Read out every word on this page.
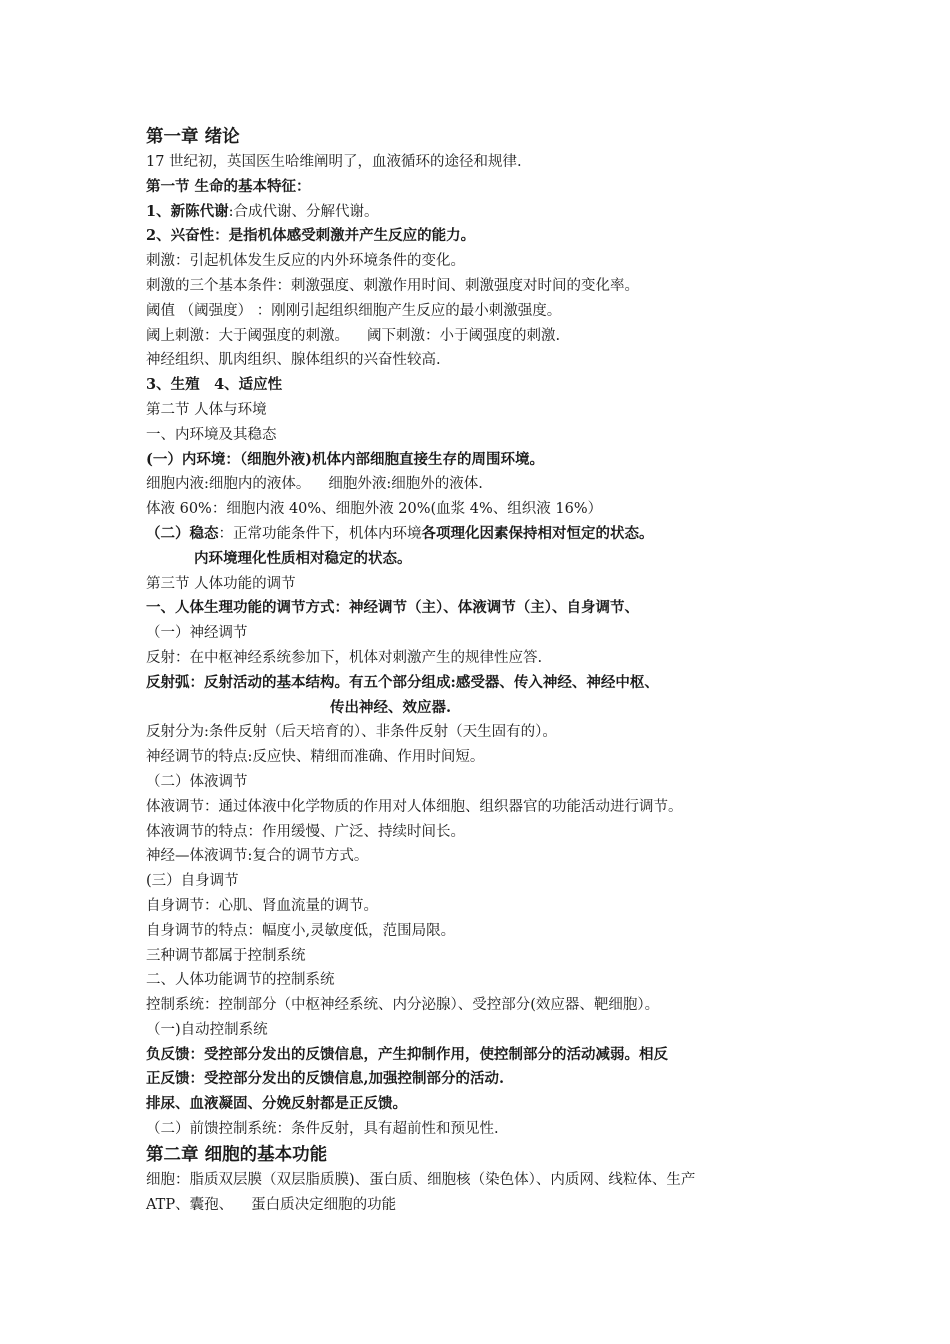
第一章 绪论
17 世纪初，英国医生哈维阐明了，血液循环的途径和规律.
第一节 生命的基本特征：
1、新陈代谢:合成代谢、分解代谢。
2、兴奋性：是指机体感受刺激并产生反应的能力。
刺激：引起机体发生反应的内外环境条件的变化。
刺激的三个基本条件：刺激强度、刺激作用时间、刺激强度对时间的变化率。
阈值 （阈强度） ：刚刚引起组织细胞产生反应的最小刺激强度。
阈上刺激：大于阈强度的刺激。 阈下刺激：小于阈强度的刺激.
神经组织、肌肉组织、腺体组织的兴奋性较高.
3、生殖　4、适应性
第二节 人体与环境
一、内环境及其稳态
(一）内环境：（细胞外液)机体内部细胞直接生存的周围环境。
细胞内液:细胞内的液体。 细胞外液:细胞外的液体.
体液 60%：细胞内液 40%、细胞外液 20%(血浆 4%、组织液 16%）
（二）稳态：正常功能条件下，机体内环境各项理化因素保持相对恒定的状态。
内环境理化性质相对稳定的状态。
第三节 人体功能的调节
一、人体生理功能的调节方式：神经调节（主）、体液调节（主）、自身调节、
（一）神经调节
反射：在中枢神经系统参加下，机体对刺激产生的规律性应答.
反射弧：反射活动的基本结构。有五个部分组成:感受器、传入神经、神经中枢、
传出神经、效应器.
反射分为:条件反射（后天培育的）、非条件反射（天生固有的）。
神经调节的特点:反应快、精细而准确、作用时间短。
（二）体液调节
体液调节：通过体液中化学物质的作用对人体细胞、组织器官的功能活动进行调节。
体液调节的特点：作用缓慢、广泛、持续时间长。
神经—体液调节:复合的调节方式。
(三）自身调节
自身调节：心肌、肾血流量的调节。
自身调节的特点：幅度小,灵敏度低，范围局限。
三种调节都属于控制系统
二、人体功能调节的控制系统
控制系统：控制部分（中枢神经系统、内分泌腺）、受控部分(效应器、靶细胞）。
（一)自动控制系统
负反馈：受控部分发出的反馈信息，产生抑制作用，使控制部分的活动减弱。相反
正反馈：受控部分发出的反馈信息,加强控制部分的活动.
排尿、血液凝固、分娩反射都是正反馈。
（二）前馈控制系统：条件反射，具有超前性和预见性.
第二章 细胞的基本功能
细胞：脂质双层膜（双层脂质膜)、蛋白质、细胞核（染色体）、内质网、线粒体、生产
ATP、囊孢、 蛋白质决定细胞的功能
